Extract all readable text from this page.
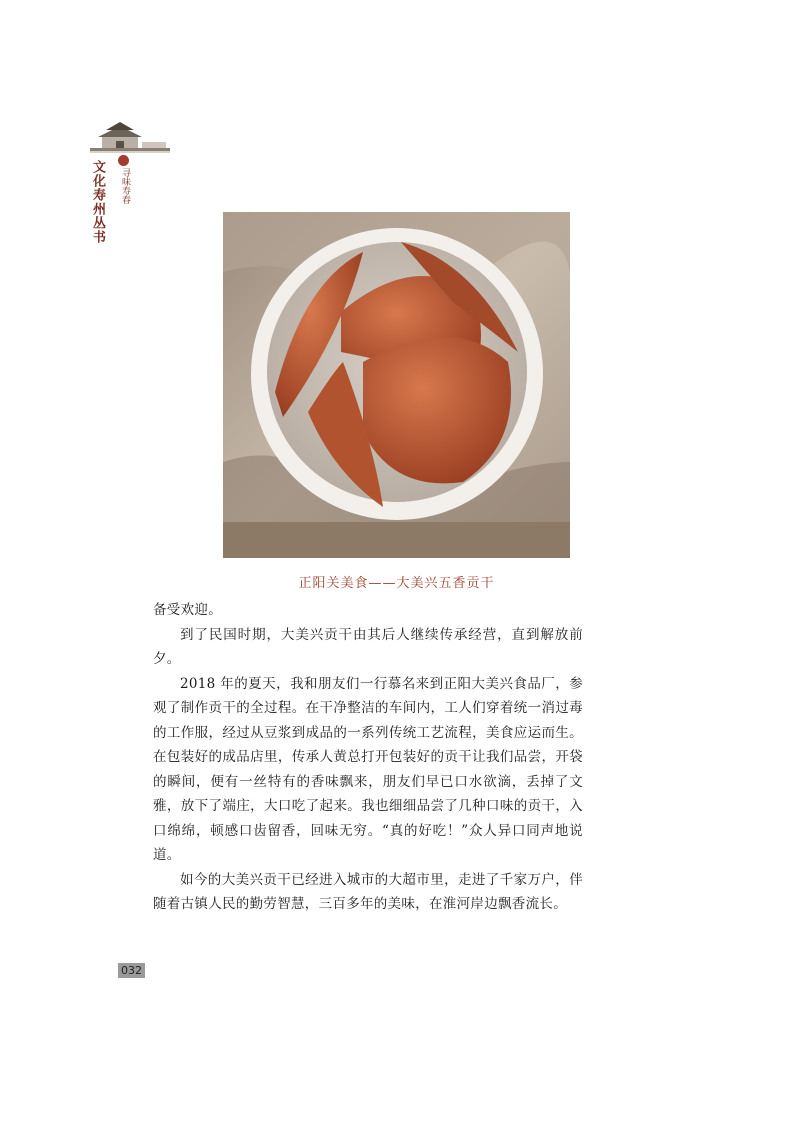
文化寿州丛书 寻味寿春
正阳关美食——大美兴五香贡干

备受欢迎。

到了民国时期，大美兴贡干由其后人继续传承经营，直到解放前夕。

2018 年的夏天，我和朋友们一行慕名来到正阳大美兴食品厂，参观了制作贡干的全过程。在干净整洁的车间内，工人们穿着统一消过毒的工作服，经过从豆浆到成品的一系列传统工艺流程，美食应运而生。在包装好的成品店里，传承人黄总打开包装好的贡干让我们品尝，开袋的瞬间，便有一丝特有的香味飘来，朋友们早已口水欲滴，丢掉了文雅，放下了端庄，大口吃了起来。我也细细品尝了几种口味的贡干，入口绵绵，顿感口齿留香，回味无穷。“真的好吃！”众人异口同声地说道。

如今的大美兴贡干已经进入城市的大超市里，走进了千家万户，伴随着古镇人民的勤劳智慧，三百多年的美味，在淮河岸边飘香流长。

032
